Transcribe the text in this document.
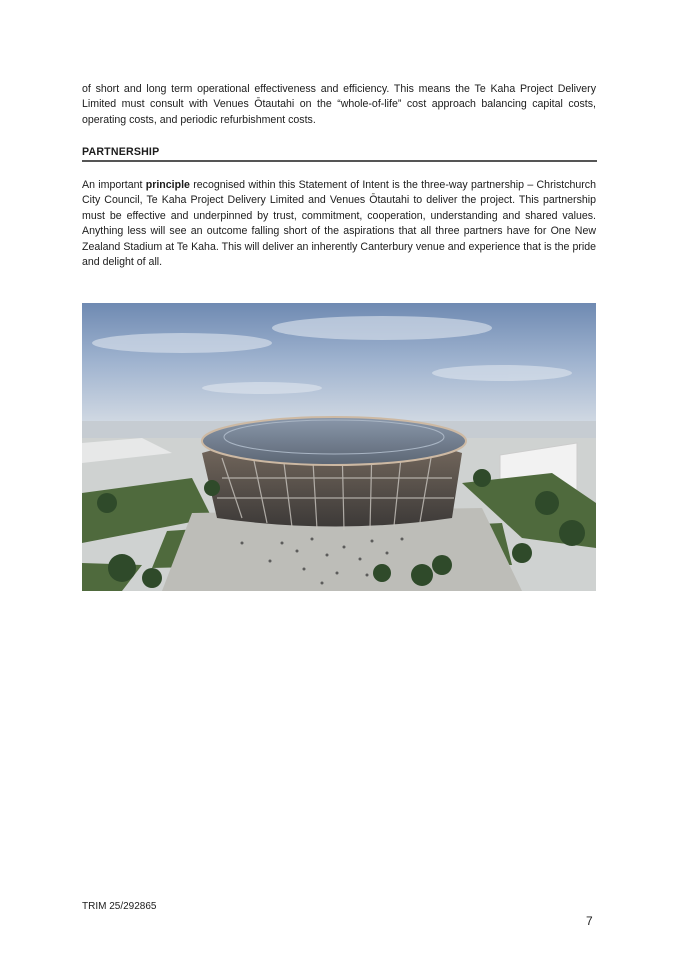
of short and long term operational effectiveness and efficiency. This means the Te Kaha Project Delivery Limited must consult with Venues Ōtautahi on the “whole-of-life” cost approach balancing capital costs, operating costs, and periodic refurbishment costs.

PARTNERSHIP

An important principle recognised within this Statement of Intent is the three-way partnership – Christchurch City Council, Te Kaha Project Delivery Limited and Venues Ōtautahi to deliver the project. This partnership must be effective and underpinned by trust, commitment, cooperation, understanding and shared values. Anything less will see an outcome falling short of the aspirations that all three partners have for One New Zealand Stadium at Te Kaha. This will deliver an inherently Canterbury venue and experience that is the pride and delight of all.

TRIM 25/292865
7
